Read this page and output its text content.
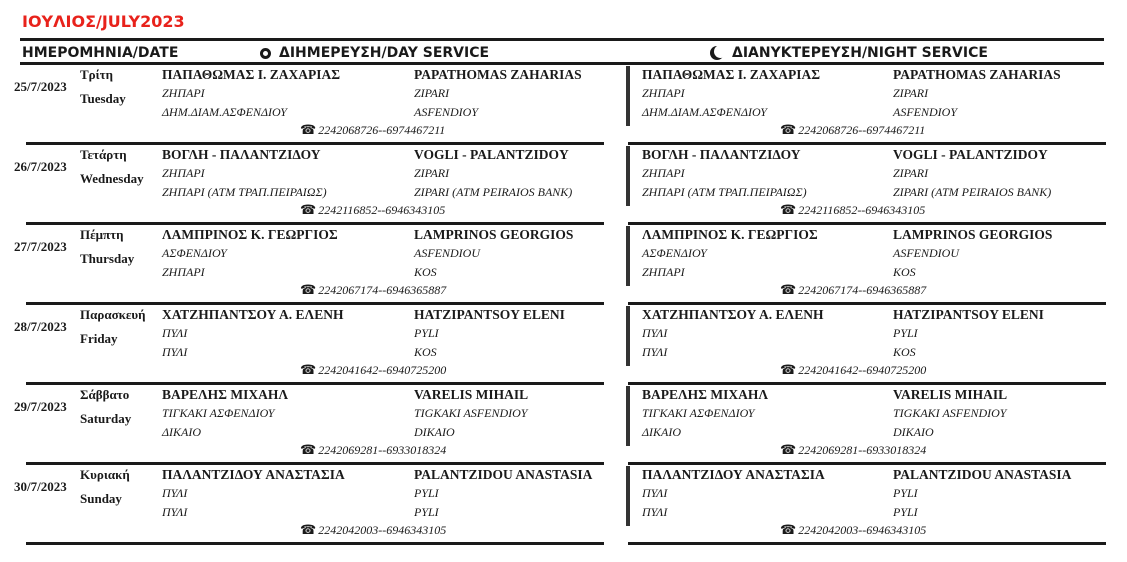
ΙΟΥΛΙΟΣ/JULY2023
ΗΜΕΡΟΜΗΝΙΑ/DATE	ΔΙΗΜΕΡΕΥΣΗ/DAY SERVICE	ΔΙΑΝΥΚΤΕΡΕΥΣΗ/NIGHT SERVICE
25/7/2023
Τρίτη
Tuesday
ΠΑΠΑΘΩΜΑΣ Ι. ΖΑΧΑΡΙΑΣ	PAPATHOMAS ZAHARIAS
ΖΗΠΑΡΙ	ZIPARI
ΔΗΜ.ΔΙΑΜ.ΑΣΦΕΝΔΙΟΥ	ASFENDIOY
☎ 2242068726--6974467211
ΠΑΠΑΘΩΜΑΣ Ι. ΖΑΧΑΡΙΑΣ	PAPATHOMAS ZAHARIAS
ΖΗΠΑΡΙ	ZIPARI
ΔΗΜ.ΔΙΑΜ.ΑΣΦΕΝΔΙΟΥ	ASFENDIOY
☎ 2242068726--6974467211
26/7/2023
Τετάρτη
Wednesday
ΒΟΓΛΗ - ΠΑΛΑΝΤΖΙΔΟΥ	VOGLI - PALANTZIDOY
ΖΗΠΑΡΙ	ZIPARI
ΖΗΠΑΡΙ (ΑΤΜ ΤΡΑΠ.ΠΕΙΡΑΙΩΣ)	ZIPARI (ATM PEIRAIOS BANK)
☎ 2242116852--6946343105
ΒΟΓΛΗ - ΠΑΛΑΝΤΖΙΔΟΥ	VOGLI - PALANTZIDOY
ΖΗΠΑΡΙ	ZIPARI
ΖΗΠΑΡΙ (ΑΤΜ ΤΡΑΠ.ΠΕΙΡΑΙΩΣ)	ZIPARI (ATM PEIRAIOS BANK)
☎ 2242116852--6946343105
27/7/2023
Πέμπτη
Thursday
ΛΑΜΠΡΙΝΟΣ Κ. ΓΕΩΡΓΙΟΣ	LAMPRINOS GEORGIOS
ΑΣΦΕΝΔΙΟΥ	ASFENDIOU
ΖΗΠΑΡΙ	KOS
☎ 2242067174--6946365887
ΛΑΜΠΡΙΝΟΣ Κ. ΓΕΩΡΓΙΟΣ	LAMPRINOS GEORGIOS
ΑΣΦΕΝΔΙΟΥ	ASFENDIOU
ΖΗΠΑΡΙ	KOS
☎ 2242067174--6946365887
28/7/2023
Παρασκευή
Friday
ΧΑΤΖΗΠΑΝΤΣΟΥ Α. ΕΛΕΝΗ	HATZIPANTSOY ELENI
ΠΥΛΙ	PYLI
ΠΥΛΙ	KOS
☎ 2242041642--6940725200
ΧΑΤΖΗΠΑΝΤΣΟΥ Α. ΕΛΕΝΗ	HATZIPANTSOY ELENI
ΠΥΛΙ	PYLI
ΠΥΛΙ	KOS
☎ 2242041642--6940725200
29/7/2023
Σάββατο
Saturday
ΒΑΡΕΛΗΣ ΜΙΧΑΗΛ	VARELIS MIHAIL
ΤΙΓΚΑΚΙ ΑΣΦΕΝΔΙΟΥ	TIGKAKI ASFENDIOY
ΔΙΚΑΙΟ	DIKAIO
☎ 2242069281--6933018324
ΒΑΡΕΛΗΣ ΜΙΧΑΗΛ	VARELIS MIHAIL
ΤΙΓΚΑΚΙ ΑΣΦΕΝΔΙΟΥ	TIGKAKI ASFENDIOY
ΔΙΚΑΙΟ	DIKAIO
☎ 2242069281--6933018324
30/7/2023
Κυριακή
Sunday
ΠΑΛΑΝΤΖΙΔΟΥ ΑΝΑΣΤΑΣΙΑ	PALANTZIDOU ANASTASIA
ΠΥΛΙ	PYLI
ΠΥΛΙ	PYLI
☎ 2242042003--6946343105
ΠΑΛΑΝΤΖΙΔΟΥ ΑΝΑΣΤΑΣΙΑ	PALANTZIDOU ANASTASIA
ΠΥΛΙ	PYLI
ΠΥΛΙ	PYLI
☎ 2242042003--6946343105
